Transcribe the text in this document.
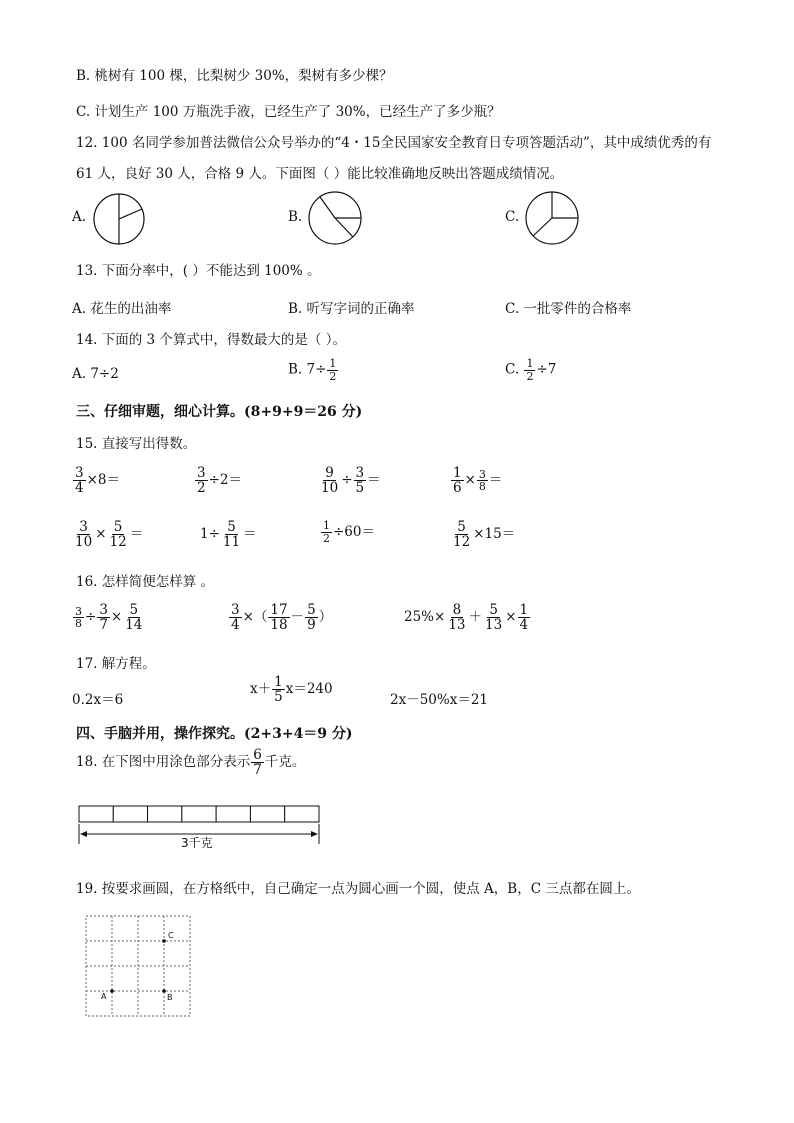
B. 桃树有 100 棵，比梨树少 30%，梨树有多少棵？
C. 计划生产 100 万瓶洗手液，已经生产了 30%，已经生产了多少瓶？
12. 100 名同学参加普法微信公众号举办的“4・15全民国家安全教育日专项答题活动”，其中成绩优秀的有
61 人，良好 30 人，合格 9 人。下面图（ ）能比较准确地反映出答题成绩情况。
A.	B.	C.
13. 下面分率中，( ）不能达到 100% 。
A. 花生的出油率	B. 听写字词的正确率	C. 一批零件的合格率
14. 下面的 3 个算式中，得数最大的是（ ）。
A. 7÷2	B. $7\div \frac{1}{2}$	C. $\frac{1}{2} \div 7$
三、仔细审题，细心计算。(8+9+9＝26 分)
15. 直接写出得数。
$\frac{3}{4} \times 8=$	$\frac{3}{2} \div 2=$	$\frac{9}{10} \div \frac{3}{5}$ ＝	$\frac{1}{6} \times \frac{3}{8}$ ＝
$\frac{3}{10} \times \frac{5}{12}$ ＝	$1\div \frac{5}{11}$ ＝	$\frac{1}{2} \div 60=$	$\frac{5}{12} \times 15=$
16. 怎样简便怎样算 。
$\frac{3}{8} \div \frac{3}{7} \times \frac{5}{14}$	$\frac{3}{4}$ ×（ $\frac{17}{18} - \frac{5}{9}$ ）	$25\%\times \frac{8}{13} + \frac{5}{13} \times \frac{1}{4}$
17. 解方程。
0.2x＝6
$x+ \frac{1}{5} x=240$
2x－50%x＝21
四、手脑并用，操作探究。(2+3+4＝9 分)
18. 在下图中用涂色部分表示 $\frac{6}{7}$ 千克。
3千克
19. 按要求画圆，在方格纸中，自己确定一点为圆心画一个圆，使点 A，B，C 三点都在圆上。
C
A	B
